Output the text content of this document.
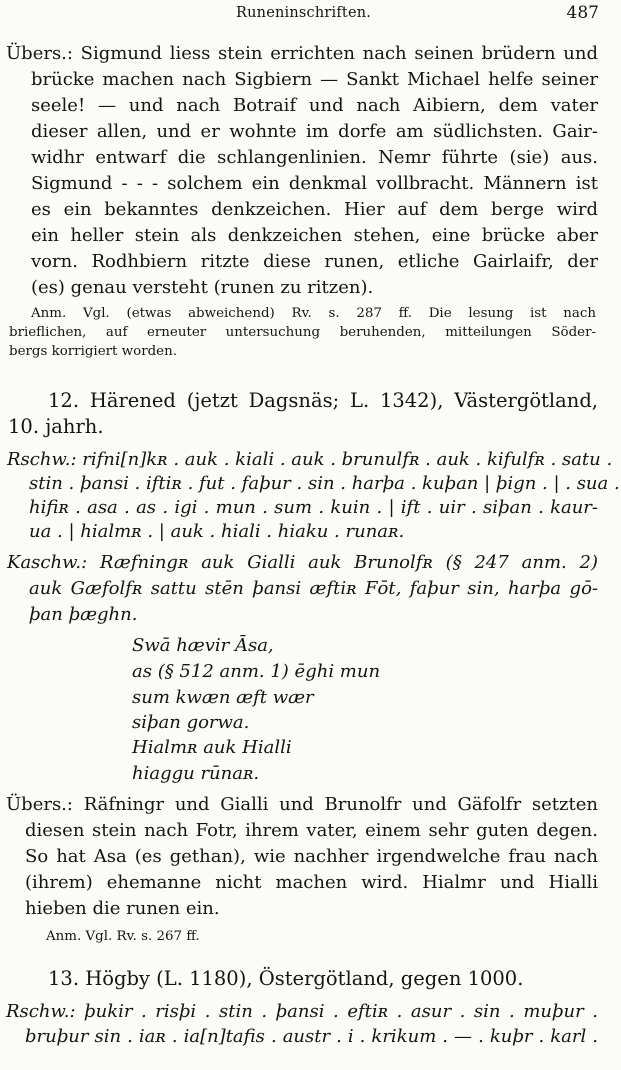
Runeninschriften.	487
Übers.: Sigmund liess stein errichten nach seinen brüdern und
brücke machen nach Sigbiern — Sankt Michael helfe seiner
seele! — und nach Botraif und nach Aibiern, dem vater
dieser allen, und er wohnte im dorfe am südlichsten. Gair-
widhr entwarf die schlangenlinien. Nemr führte (sie) aus.
Sigmund - - - solchem ein denkmal vollbracht. Männern ist
es ein bekanntes denkzeichen. Hier auf dem berge wird
ein heller stein als denkzeichen stehen, eine brücke aber
vorn. Rodhbiern ritzte diese runen, etliche Gairlaifr, der
(es) genau versteht (runen zu ritzen).
Anm. Vgl. (etwas abweichend) Rv. s. 287 ff. Die lesung ist nach
brieflichen, auf erneuter untersuchung beruhenden, mitteilungen Söder-
bergs korrigiert worden.
12. Härened (jetzt Dagsnäs; L. 1342), Västergötland,
10. jahrh.
Rschw.: rifni[n]kʀ . auk . kiali . auk . brunulfʀ . auk . kifulfʀ . satu .
stin . þansi . iftiʀ . fut . faþur . sin . harþa . kuþan | þign . | . sua .
hifiʀ . asa . as . igi . mun . sum . kuin . | ift . uir . siþan . kaur-
ua . | hialmʀ . | auk . hiali . hiaku . runaʀ.
Kaschw.: Ræfningʀ auk Gialli auk Brunolfʀ (§ 247 anm. 2)
auk Gæfolfʀ sattu stēn þansi æftiʀ Fōt, faþur sin, harþa gō-
þan þæghn.
Swā hævir Āsa,
as (§ 512 anm. 1) ēghi mun
sum kwæn æft wær
siþan gorwa.
Hialmʀ auk Hialli
hiaggu rūnaʀ.
Übers.: Räfningr und Gialli und Brunolfr und Gäfolfr setzten
diesen stein nach Fotr, ihrem vater, einem sehr guten degen.
So hat Asa (es gethan), wie nachher irgendwelche frau nach
(ihrem) ehemanne nicht machen wird. Hialmr und Hialli
hieben die runen ein.
Anm. Vgl. Rv. s. 267 ff.
13. Högby (L. 1180), Östergötland, gegen 1000.
Rschw.: þukir . risþi . stin . þansi . eftiʀ . asur . sin . muþur .
bruþur sin . iaʀ . ia[n]tafis . austr . i . krikum . — . kuþr . karl .
